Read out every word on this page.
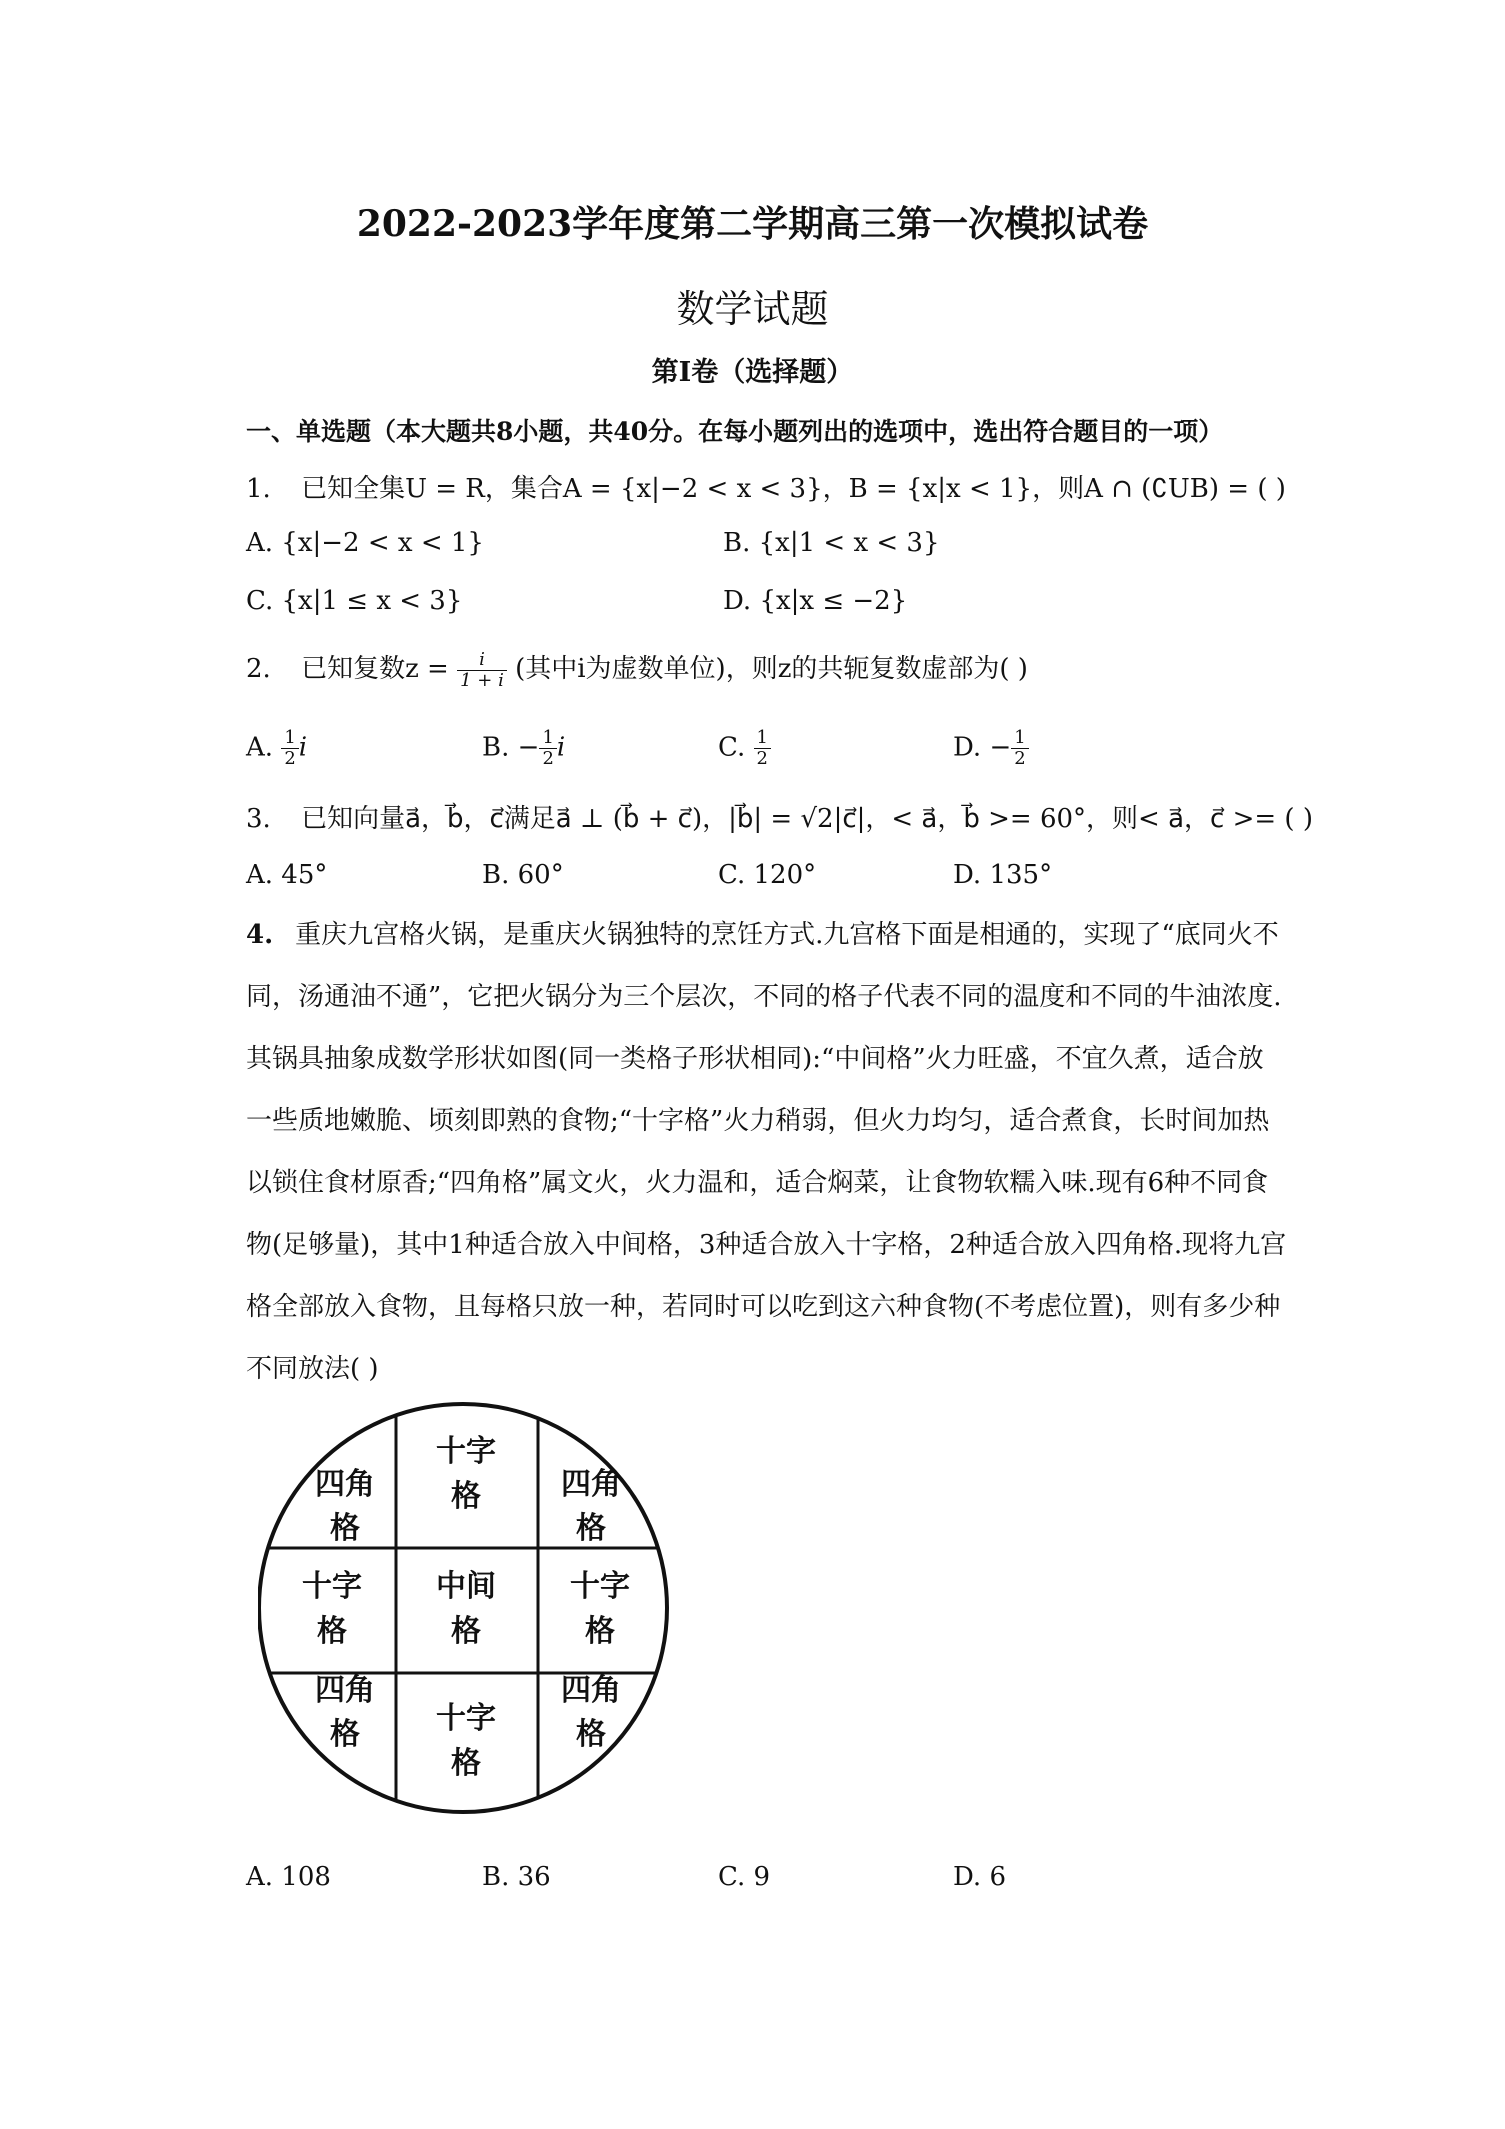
2022-2023学年度第二学期高三第一次模拟试卷
数学试题
第I卷（选择题）
一、单选题（本大题共8小题，共40分。在每小题列出的选项中，选出符合题目的一项）
1. 已知全集U = R，集合A = {x|−2 < x < 3}，B = {x|x < 1}，则A ∩ (∁UB) = ( )
A. {x|−2 < x < 1}	B. {x|1 < x < 3}
C. {x|1 ≤ x < 3}	D. {x|x ≤ −2}
2. 已知复数$z = \frac{i}{1 + i}$ (其中i为虚数单位)，则z的共轭复数虚部为( )
A. $\frac{1}{2}$ i	B. − $\frac{1}{2}$ i	C. $\frac{1}{2}$	D. − $\frac{1}{2}$
3. 已知向量a⃗，b⃗，c⃗满足a⃗ ⊥ (b⃗ + c⃗)，|b⃗| = √2|c⃗|，< a⃗，b⃗ >= 60°，则< a⃗，c⃗ >= ( )
A. 45°	B. 60°	C. 120°	D. 135°
4. 重庆九宫格火锅，是重庆火锅独特的烹饪方式.九宫格下面是相通的，实现了“底同火不
同，汤通油不通”，它把火锅分为三个层次，不同的格子代表不同的温度和不同的牛油浓度.
其锅具抽象成数学形状如图(同一类格子形状相同):“中间格”火力旺盛，不宜久煮，适合放
一些质地嫩脆、顷刻即熟的食物;“十字格”火力稍弱，但火力均匀，适合煮食，长时间加热
以锁住食材原香;“四角格”属文火，火力温和，适合焖菜，让食物软糯入味.现有6种不同食
物(足够量)，其中1种适合放入中间格，3种适合放入十字格，2种适合放入四角格.现将九宫
格全部放入食物，且每格只放一种，若同时可以吃到这六种食物(不考虑位置)，则有多少种
不同放法( )
四角
格
十字
格	四角
格
十字
格
中间
格
十字
格
四角
格	十字
格
四角
格
A. 108	B. 36	C. 9	D. 6
